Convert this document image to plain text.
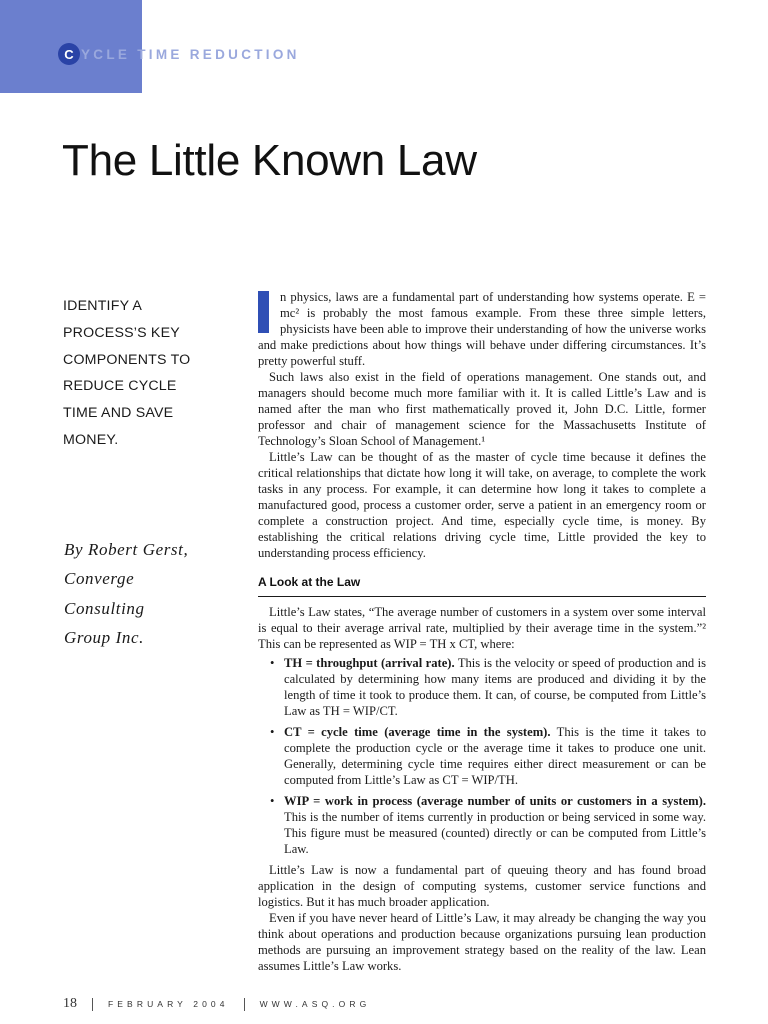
C YCLE TIME REDUCTION
The Little Known Law
IDENTIFY A
PROCESS’S KEY
COMPONENTS TO
REDUCE CYCLE
TIME AND SAVE
MONEY.
By Robert Gerst,
Converge
Consulting
Group Inc.

n physics, laws are a fundamental part of understanding how systems operate. E = mc² is probably the most famous example. From these three simple letters, physicists have been able to improve their understanding of how the universe works and make predictions about how things will behave under differing circumstances. It’s pretty powerful stuff.

Such laws also exist in the field of operations management. One stands out, and managers should become much more familiar with it. It is called Little’s Law and is named after the man who first mathematically proved it, John D.C. Little, former professor and chair of management science for the Massachusetts Institute of Technology’s Sloan School of Management.¹

Little’s Law can be thought of as the master of cycle time because it defines the critical relationships that dictate how long it will take, on average, to complete the work tasks in any process. For example, it can determine how long it takes to complete a manufactured good, process a customer order, serve a patient in an emergency room or complete a construction project. And time, especially cycle time, is money. By establishing the critical relations driving cycle time, Little provided the key to understanding process efficiency.

A Look at the Law

Little’s Law states, “The average number of customers in a system over some interval is equal to their average arrival rate, multiplied by their average time in the system.”² This can be represented as WIP = TH x CT, where:

• TH = throughput (arrival rate). This is the velocity or speed of production and is calculated by determining how many items are produced and dividing it by the length of time it took to produce them. It can, of course, be computed from Little’s Law as TH = WIP/CT.
• CT = cycle time (average time in the system). This is the time it takes to complete the production cycle or the average time it takes to produce one unit. Generally, determining cycle time requires either direct measurement or can be computed from Little’s Law as CT = WIP/TH.
• WIP = work in process (average number of units or customers in a system). This is the number of items currently in production or being serviced in some way. This figure must be measured (counted) directly or can be computed from Little’s Law.

Little’s Law is now a fundamental part of queuing theory and has found broad application in the design of computing systems, customer service functions and logistics. But it has much broader application.

Even if you have never heard of Little’s Law, it may already be changing the way you think about operations and production because organizations pursuing lean production methods are pursuing an improvement strategy based on the reality of the law. Lean assumes Little’s Law works.

18	FEBRUARY 2004	WWW.ASQ.ORG
